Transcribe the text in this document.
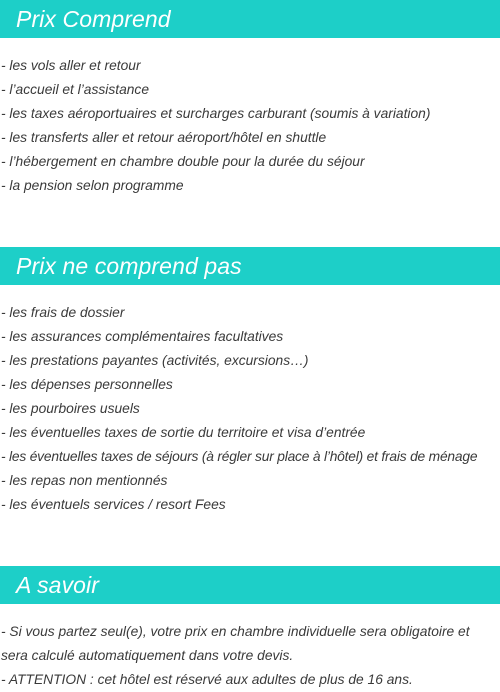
Prix Comprend
- les vols aller et retour
- l’accueil et l’assistance
- les taxes aéroportuaires et surcharges carburant (soumis à variation)
- les transferts aller et retour aéroport/hôtel en shuttle
- l’hébergement en chambre double pour la durée du séjour
- la pension selon programme
Prix ne comprend pas
- les frais de dossier
- les assurances complémentaires facultatives
- les prestations payantes (activités, excursions…)
- les dépenses personnelles
- les pourboires usuels
- les éventuelles taxes de sortie du territoire et visa d’entrée
- les éventuelles taxes de séjours (à régler sur place à l’hôtel) et frais de ménage
- les repas non mentionnés
- les éventuels services / resort Fees
A savoir

- Si vous partez seul(e), votre prix en chambre individuelle sera obligatoire et sera calculé automatiquement dans votre devis.

- ATTENTION : cet hôtel est réservé aux adultes de plus de 16 ans.
